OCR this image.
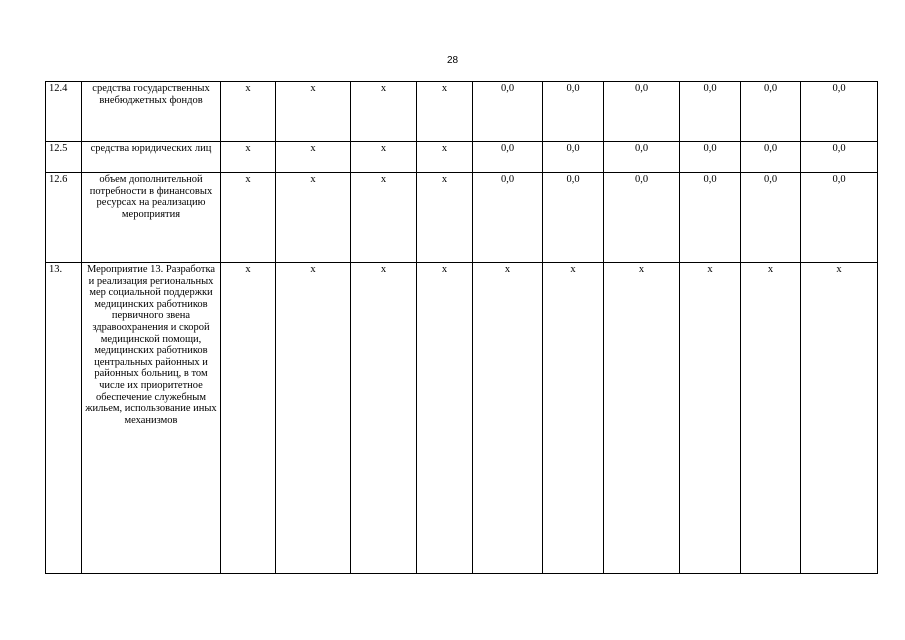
28
12.4	средства государственных внебюджетных фондов	x	x	x	x	0,0	0,0	0,0	0,0	0,0	0,0
12.5	средства юридических лиц	x	x	x	x	0,0	0,0	0,0	0,0	0,0	0,0
12.6	объем дополнительной потребности в финансовых ресурсах на реализацию мероприятия	x	x	x	x	0,0	0,0	0,0	0,0	0,0	0,0
13.	Мероприятие 13. Разработка и реализация региональных мер социальной поддержки медицинских работников первичного звена здравоохранения и скорой медицинской помощи, медицинских работников центральных районных и районных больниц, в том числе их приоритетное обеспечение служебным жильем, использование иных механизмов	x	x	x	x	x	x	x	x	x	x
